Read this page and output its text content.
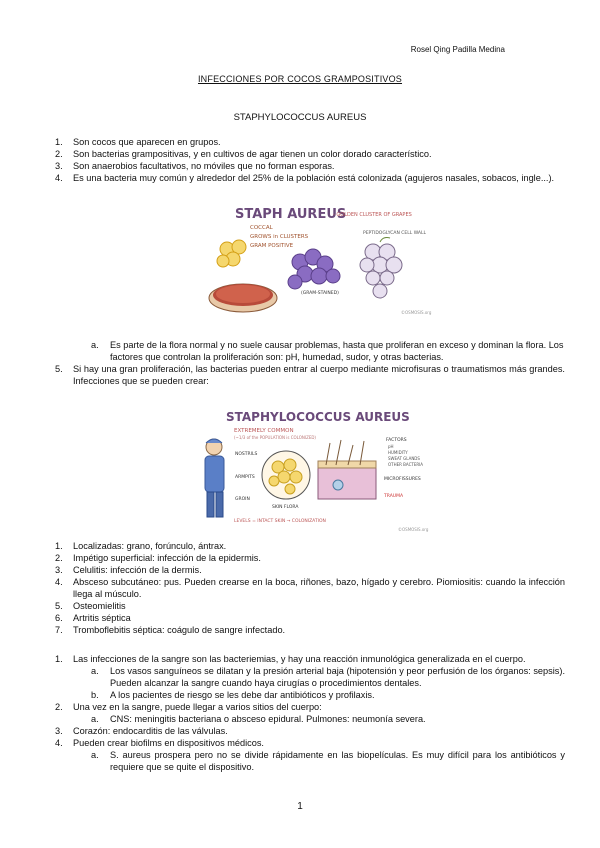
Rosel Qing Padilla Medina
INFECCIONES POR COCOS GRAMPOSITIVOS
STAPHYLOCOCCUS AUREUS
1. Son cocos que aparecen en grupos.
2. Son bacterias grampositivas, y en cultivos de agar tienen un color dorado característico.
3. Son anaerobios facultativos, no móviles que no forman esporas.
4. Es una bacteria muy común y alrededor del 25% de la población está colonizada (agujeros nasales, sobacos, ingle...).
STAPH AUREUS
- GOLDEN CLUSTER OF GRAPES
COCCAL
GROWS in CLUSTERS
GRAM POSITIVE
(GRAM-STAINED)
PEPTIDOGLYCAN CELL WALL
©OSMOSIS.org
a. Es parte de la flora normal y no suele causar problemas, hasta que proliferan en exceso y dominan la flora. Los factores que controlan la proliferación son: pH, humedad, sudor, y otras bacterias.
5. Si hay una gran proliferación, las bacterias pueden entrar al cuerpo mediante microfisuras o traumatismos más grandes. Infecciones que se pueden crear:
STAPHYLOCOCCUS AUREUS
EXTREMELY COMMON
(~1/3 of the POPULATION is COLONIZED)
NOSTRILS
ARMPITS
GROIN
SKIN FLORA
FACTORS
pH
HUMIDITY
SWEAT GLANDS
OTHER BACTERIA
MICROFISSURES
TRAUMA
LEVELS = INTACT SKIN → COLONIZATION
©OSMOSIS.org
1. Localizadas: grano, forúnculo, ántrax.
2. Impétigo superficial: infección de la epidermis.
3. Celulitis: infección de la dermis.
4. Absceso subcutáneo: pus. Pueden crearse en la boca, riñones, bazo, hígado y cerebro. Piomiositis: cuando la infección llega al músculo.
5. Osteomielitis
6. Artritis séptica
7. Tromboflebitis séptica: coágulo de sangre infectado.
1. Las infecciones de la sangre son las bacteriemias, y hay una reacción inmunológica generalizada en el cuerpo.
a. Los vasos sanguíneos se dilatan y la presión arterial baja (hipotensión y peor perfusión de los órganos: sepsis). Pueden alcanzar la sangre cuando haya cirugías o procedimientos dentales.
b. A los pacientes de riesgo se les debe dar antibióticos y profilaxis.
2. Una vez en la sangre, puede llegar a varios sitios del cuerpo:
a. CNS: meningitis bacteriana o absceso epidural. Pulmones: neumonía severa.
3. Corazón: endocarditis de las válvulas.
4. Pueden crear biofilms en dispositivos médicos.
a. S. aureus prospera pero no se divide rápidamente en las biopelículas. Es muy difícil para los antibióticos y requiere que se quite el dispositivo.
1
